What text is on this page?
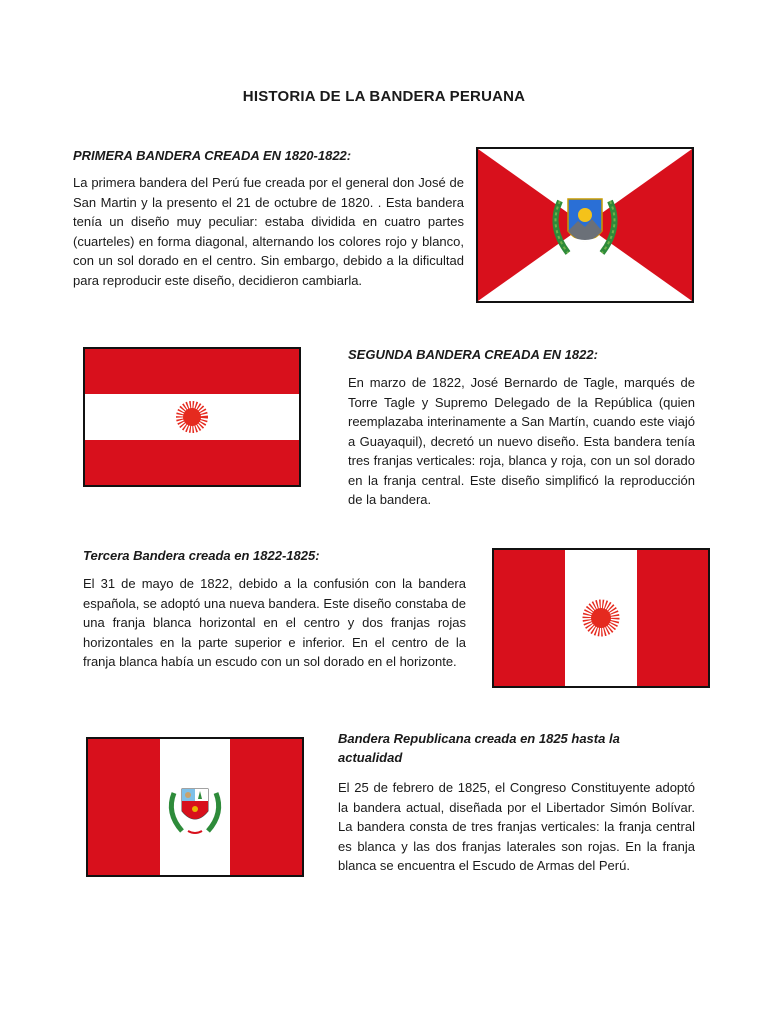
HISTORIA DE LA BANDERA PERUANA
PRIMERA BANDERA CREADA EN 1820-1822:
La primera bandera del Perú fue creada por el general don José de San Martin y la presento el 21 de octubre de 1820. . Esta bandera tenía un diseño muy peculiar: estaba dividida en cuatro partes (cuarteles) en forma diagonal, alternando los colores rojo y blanco, con un sol dorado en el centro. Sin embargo, debido a la dificultad para reproducir este diseño, decidieron cambiarla.
SEGUNDA BANDERA CREADA EN 1822:
En marzo de 1822, José Bernardo de Tagle, marqués de Torre Tagle y Supremo Delegado de la República (quien reemplazaba interinamente a San Martín, cuando este viajó a Guayaquil), decretó un nuevo diseño. Esta bandera tenía tres franjas verticales: roja, blanca y roja, con un sol dorado en la franja central. Este diseño simplificó la reproducción de la bandera.
Tercera Bandera creada en 1822-1825:
El 31 de mayo de 1822, debido a la confusión con la bandera española, se adoptó una nueva bandera. Este diseño constaba de una franja blanca horizontal en el centro y dos franjas rojas horizontales en la parte superior e inferior. En el centro de la franja blanca había un escudo con un sol dorado en el horizonte.
Bandera Republicana creada en 1825 hasta la actualidad
El 25 de febrero de 1825, el Congreso Constituyente adoptó la bandera actual, diseñada por el Libertador Simón Bolívar. La bandera consta de tres franjas verticales: la franja central es blanca y las dos franjas laterales son rojas. En la franja blanca se encuentra el Escudo de Armas del Perú.
